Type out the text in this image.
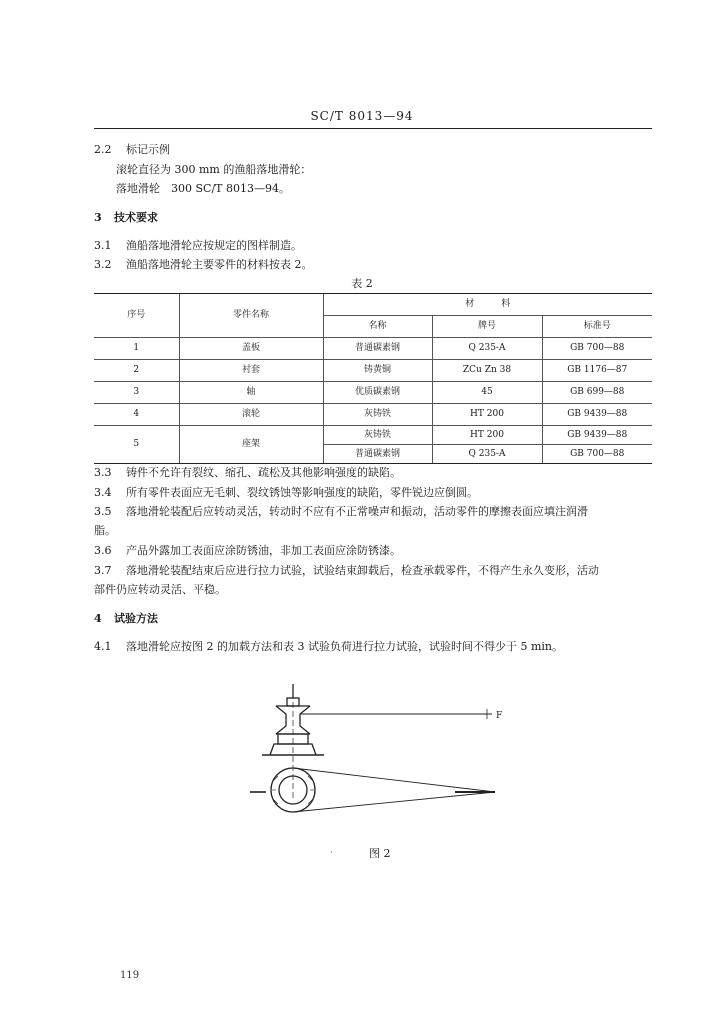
SC/T 8013—94
2.2 标记示例
滚轮直径为 300 mm 的渔船落地滑轮：
落地滑轮　300 SC/T 8013—94。
3 技术要求
3.1 渔船落地滑轮应按规定的图样制造。
3.2 渔船落地滑轮主要零件的材料按表 2。
表 2
序号	零件名称	材　　　料		
		名称	牌号	标准号
1	盖板	普通碳素钢	Q 235-A	GB 700—88
2	衬套	铸黄铜	ZCu Zn 38	GB 1176—87
3	轴	优质碳素钢	45	GB 699—88
4	滚轮	灰铸铁	HT 200	GB 9439—88
5	座架	灰铸铁	HT 200	GB 9439—88
		普通碳素钢	Q 235-A	GB 700—88
3.3 铸件不允许有裂纹、缩孔、疏松及其他影响强度的缺陷。
3.4 所有零件表面应无毛刺、裂纹锈蚀等影响强度的缺陷，零件锐边应倒圆。
3.5 落地滑轮装配后应转动灵活，转动时不应有不正常噪声和振动，活动零件的摩擦表面应填注润滑
脂。
3.6 产品外露加工表面应涂防锈油，非加工表面应涂防锈漆。
3.7 落地滑轮装配结束后应进行拉力试验，试验结束卸载后，检查承载零件，不得产生永久变形，活动
部件仍应转动灵活、平稳。
4 试验方法
4.1 落地滑轮应按图 2 的加载方法和表 3 试验负荷进行拉力试验，试验时间不得少于 5 min。
F
·	图 2
119
